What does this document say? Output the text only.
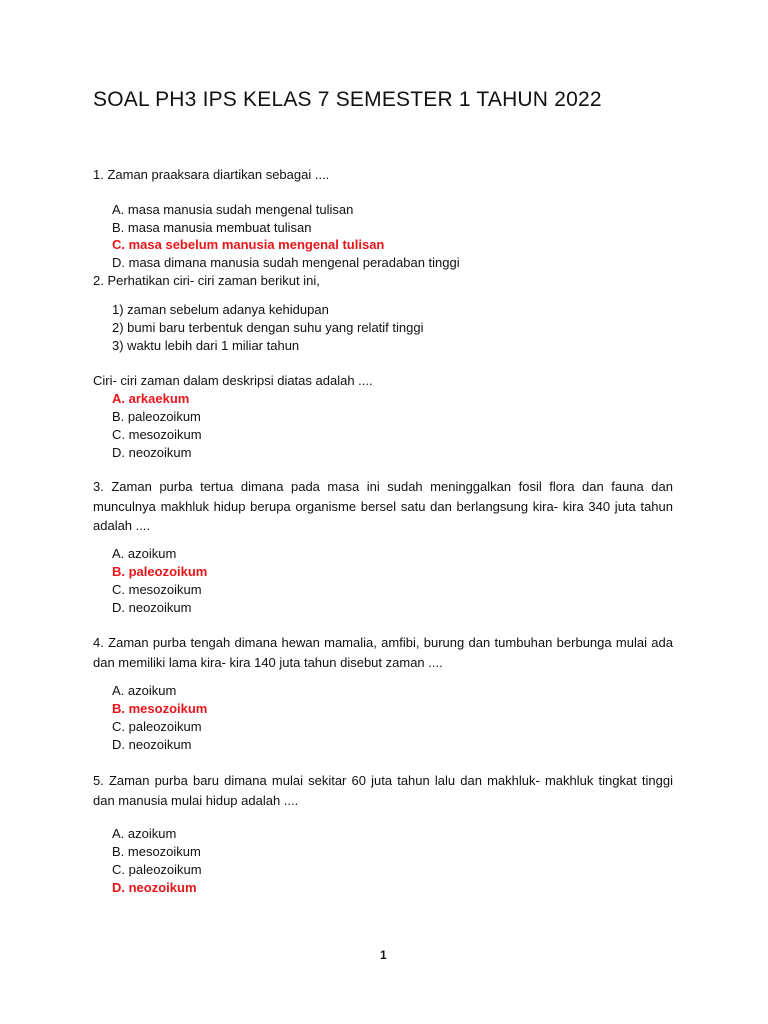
SOAL PH3 IPS KELAS 7 SEMESTER 1 TAHUN 2022
1. Zaman praaksara diartikan sebagai ....
A. masa manusia sudah mengenal tulisan
B. masa manusia membuat tulisan
C. masa sebelum manusia mengenal tulisan
D. masa dimana manusia sudah mengenal peradaban tinggi
2. Perhatikan ciri- ciri zaman berikut ini,
1) zaman sebelum adanya kehidupan
2) bumi baru terbentuk dengan suhu yang relatif tinggi
3) waktu lebih dari 1 miliar tahun
Ciri- ciri zaman dalam deskripsi diatas adalah ....
A. arkaekum
B. paleozoikum
C. mesozoikum
D. neozoikum
3. Zaman purba tertua dimana pada masa ini sudah meninggalkan fosil flora dan fauna dan munculnya makhluk hidup berupa organisme bersel satu dan berlangsung kira- kira 340 juta tahun adalah ....
A. azoikum
B. paleozoikum
C. mesozoikum
D. neozoikum
4. Zaman purba tengah dimana hewan mamalia, amfibi, burung dan tumbuhan berbunga mulai ada dan memiliki lama kira- kira 140 juta tahun disebut zaman ....
A. azoikum
B. mesozoikum
C. paleozoikum
D. neozoikum
5. Zaman purba baru dimana mulai sekitar 60 juta tahun lalu dan makhluk- makhluk tingkat tinggi dan manusia mulai hidup adalah ....
A. azoikum
B. mesozoikum
C. paleozoikum
D. neozoikum
1
